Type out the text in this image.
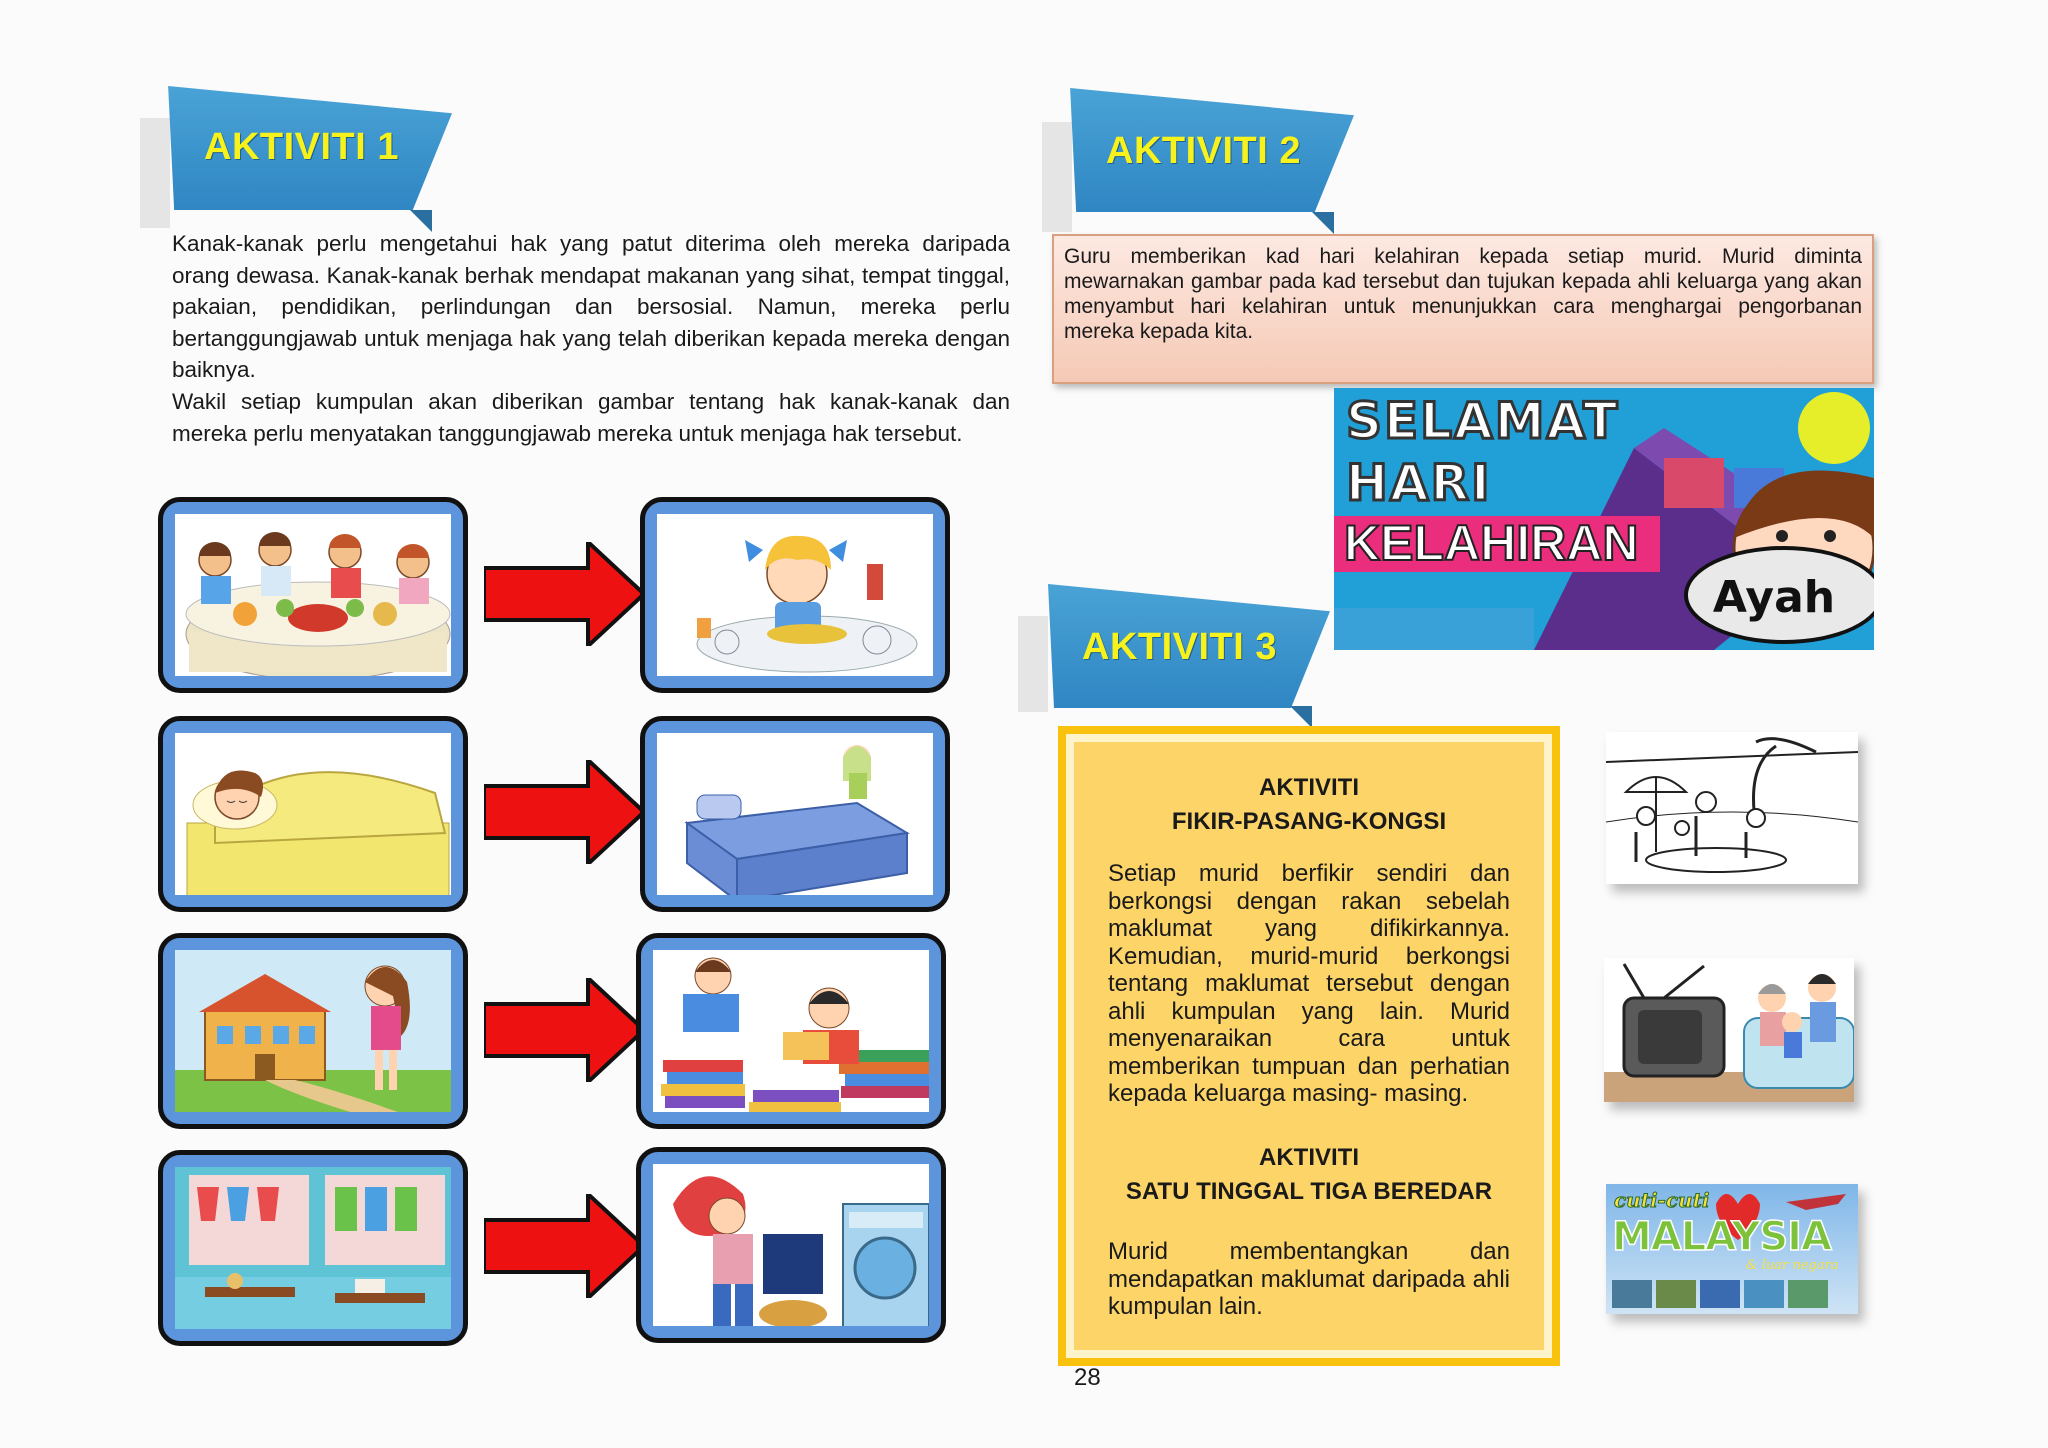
AKTIVITI 1
Kanak-kanak perlu mengetahui hak yang patut diterima oleh mereka daripada orang dewasa. Kanak-kanak berhak mendapat makanan yang sihat, tempat tinggal, pakaian, pendidikan, perlindungan dan bersosial. Namun, mereka perlu bertanggungjawab untuk menjaga hak yang telah diberikan kepada mereka dengan baiknya.
Wakil setiap kumpulan akan diberikan gambar tentang hak kanak-kanak dan mereka perlu menyatakan tanggungjawab mereka untuk menjaga hak tersebut.
AKTIVITI 2
Guru memberikan kad hari kelahiran kepada setiap murid. Murid diminta mewarnakan gambar pada kad tersebut dan tujukan kepada ahli keluarga yang akan menyambut hari kelahiran untuk menunjukkan cara menghargai pengorbanan mereka kepada kita.
SELAMAT
HARI
KELAHIRAN
Ayah
AKTIVITI 3
AKTIVITI
FIKIR-PASANG-KONGSI
Setiap murid berfikir sendiri dan berkongsi dengan rakan sebelah maklumat yang difikirkannya. Kemudian, murid-murid berkongsi tentang maklumat tersebut dengan ahli kumpulan yang lain. Murid menyenaraikan cara untuk memberikan tumpuan dan perhatian kepada keluarga masing- masing.
AKTIVITI
SATU TINGGAL TIGA BEREDAR
Murid membentangkan dan mendapatkan maklumat daripada ahli kumpulan lain.
cuti-cuti
MALAYSIA
& luar negara
28
